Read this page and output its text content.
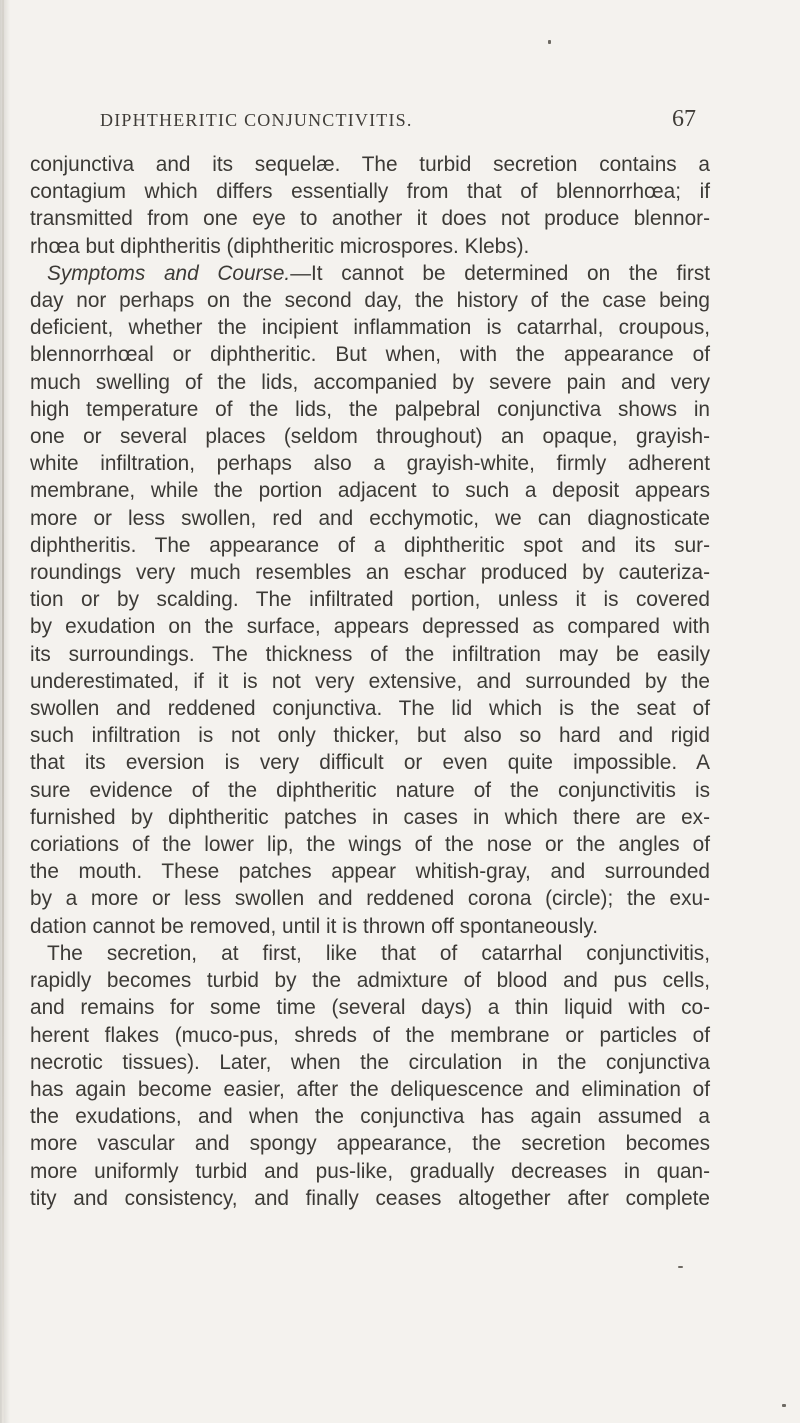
DIPHTHERITIC CONJUNCTIVITIS.	67
conjunctiva and its sequelæ. The turbid secretion contains a
contagium which differs essentially from that of blennorrhœa; if
transmitted from one eye to another it does not produce blennor-
rhœa but diphtheritis (diphtheritic microspores. Klebs).
Symptoms and Course.—It cannot be determined on the first
day nor perhaps on the second day, the history of the case being
deficient, whether the incipient inflammation is catarrhal, croupous,
blennorrhœal or diphtheritic. But when, with the appearance of
much swelling of the lids, accompanied by severe pain and very
high temperature of the lids, the palpebral conjunctiva shows in
one or several places (seldom throughout) an opaque, grayish-
white infiltration, perhaps also a grayish-white, firmly adherent
membrane, while the portion adjacent to such a deposit appears
more or less swollen, red and ecchymotic, we can diagnosticate
diphtheritis. The appearance of a diphtheritic spot and its sur-
roundings very much resembles an eschar produced by cauteriza-
tion or by scalding. The infiltrated portion, unless it is covered
by exudation on the surface, appears depressed as compared with
its surroundings. The thickness of the infiltration may be easily
underestimated, if it is not very extensive, and surrounded by the
swollen and reddened conjunctiva. The lid which is the seat of
such infiltration is not only thicker, but also so hard and rigid
that its eversion is very difficult or even quite impossible. A
sure evidence of the diphtheritic nature of the conjunctivitis is
furnished by diphtheritic patches in cases in which there are ex-
coriations of the lower lip, the wings of the nose or the angles of
the mouth. These patches appear whitish-gray, and surrounded
by a more or less swollen and reddened corona (circle); the exu-
dation cannot be removed, until it is thrown off spontaneously.
The secretion, at first, like that of catarrhal conjunctivitis,
rapidly becomes turbid by the admixture of blood and pus cells,
and remains for some time (several days) a thin liquid with co-
herent flakes (muco-pus, shreds of the membrane or particles of
necrotic tissues). Later, when the circulation in the conjunctiva
has again become easier, after the deliquescence and elimination of
the exudations, and when the conjunctiva has again assumed a
more vascular and spongy appearance, the secretion becomes
more uniformly turbid and pus-like, gradually decreases in quan-
tity and consistency, and finally ceases altogether after complete
